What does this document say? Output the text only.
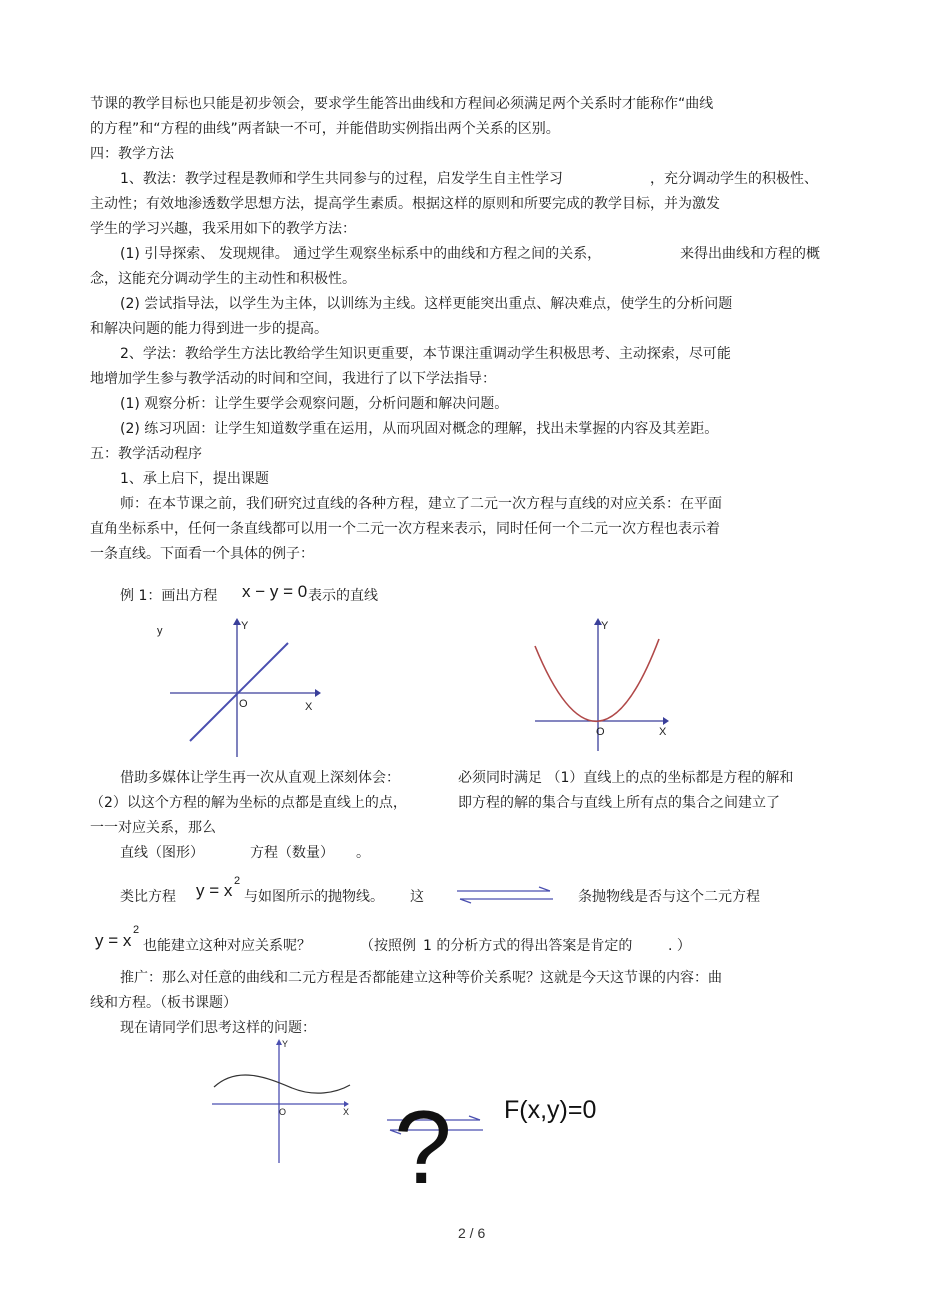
节课的教学目标也只能是初步领会，要求学生能答出曲线和方程间必须满足两个关系时才能称作“曲线
的方程”和“方程的曲线”两者缺一不可，并能借助实例指出两个关系的区别。
四：教学方法
1、教法：教学过程是教师和学生共同参与的过程，启发学生自主性学习	，充分调动学生的积极性、
主动性；有效地渗透数学思想方法，提高学生素质。根据这样的原则和所要完成的教学目标，并为激发
学生的学习兴趣，我采用如下的教学方法：
(1) 引导探索、 发现规律。 通过学生观察坐标系中的曲线和方程之间的关系，	来得出曲线和方程的概
念，这能充分调动学生的主动性和积极性。
(2) 尝试指导法，以学生为主体，以训练为主线。这样更能突出重点、解决难点，使学生的分析问题
和解决问题的能力得到进一步的提高。
2、学法：教给学生方法比教给学生知识更重要，本节课注重调动学生积极思考、主动探索，尽可能
地增加学生参与教学活动的时间和空间，我进行了以下学法指导：
(1) 观察分析：让学生要学会观察问题，分析问题和解决问题。
(2) 练习巩固：让学生知道数学重在运用，从而巩固对概念的理解，找出未掌握的内容及其差距。
五：教学活动程序
1、承上启下，提出课题
师：在本节课之前，我们研究过直线的各种方程，建立了二元一次方程与直线的对应关系：在平面
直角坐标系中，任何一条直线都可以用一个二元一次方程来表示，同时任何一个二元一次方程也表示着
一条直线。下面看一个具体的例子：
例 1：画出方程 x − y = 0 表示的直线
y	Y
X
O
Y
X
O
借助多媒体让学生再一次从直观上深刻体会：	必须同时满足 （1）直线上的点的坐标都是方程的解和
（2）以这个方程的解为坐标的点都是直线上的点，	即方程的解的集合与直线上所有点的集合之间建立了
一一对应关系，那么
直线（图形）	方程（数量） 。
类比方程 y = x 2
与如图所示的抛物线。 这	条抛物线是否与这个二元方程
y = x
2
也能建立这种对应关系呢？	（按照例 1 的分析方式的得出答案是肯定的	. ）
推广：那么对任意的曲线和二元方程是否都能建立这种等价关系呢？这就是今天这节课的内容：曲
线和方程。（板书课题）
现在请同学们思考这样的问题：
Y
X
O ? F(x,y)=0
2 / 6
